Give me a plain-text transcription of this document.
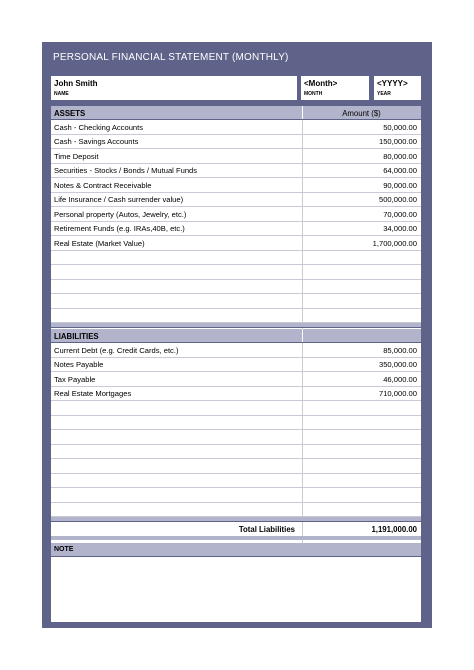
PERSONAL FINANCIAL STATEMENT (MONTHLY)
John Smith
NAME
<Month>
MONTH
<YYYY>
YEAR
ASSETS	Amount ($)
Cash - Checking Accounts	50,000.00
Cash - Savings Accounts	150,000.00
Time Deposit	80,000.00
Securities - Stocks / Bonds / Mutual Funds	64,000.00
Notes & Contract Receivable	90,000.00
Life Insurance / Cash surrender value)	500,000.00
Personal property (Autos, Jewelry, etc.)	70,000.00
Retirement Funds (e.g. IRAs,40B, etc.)	34,000.00
Real Estate (Market Value)	1,700,000.00
LIABILITIES
Current Debt (e.g. Credit Cards, etc.)	85,000.00
Notes Payable	350,000.00
Tax Payable	46,000.00
Real Estate Mortgages	710,000.00
Total Liabilities	1,191,000.00
NOTE
